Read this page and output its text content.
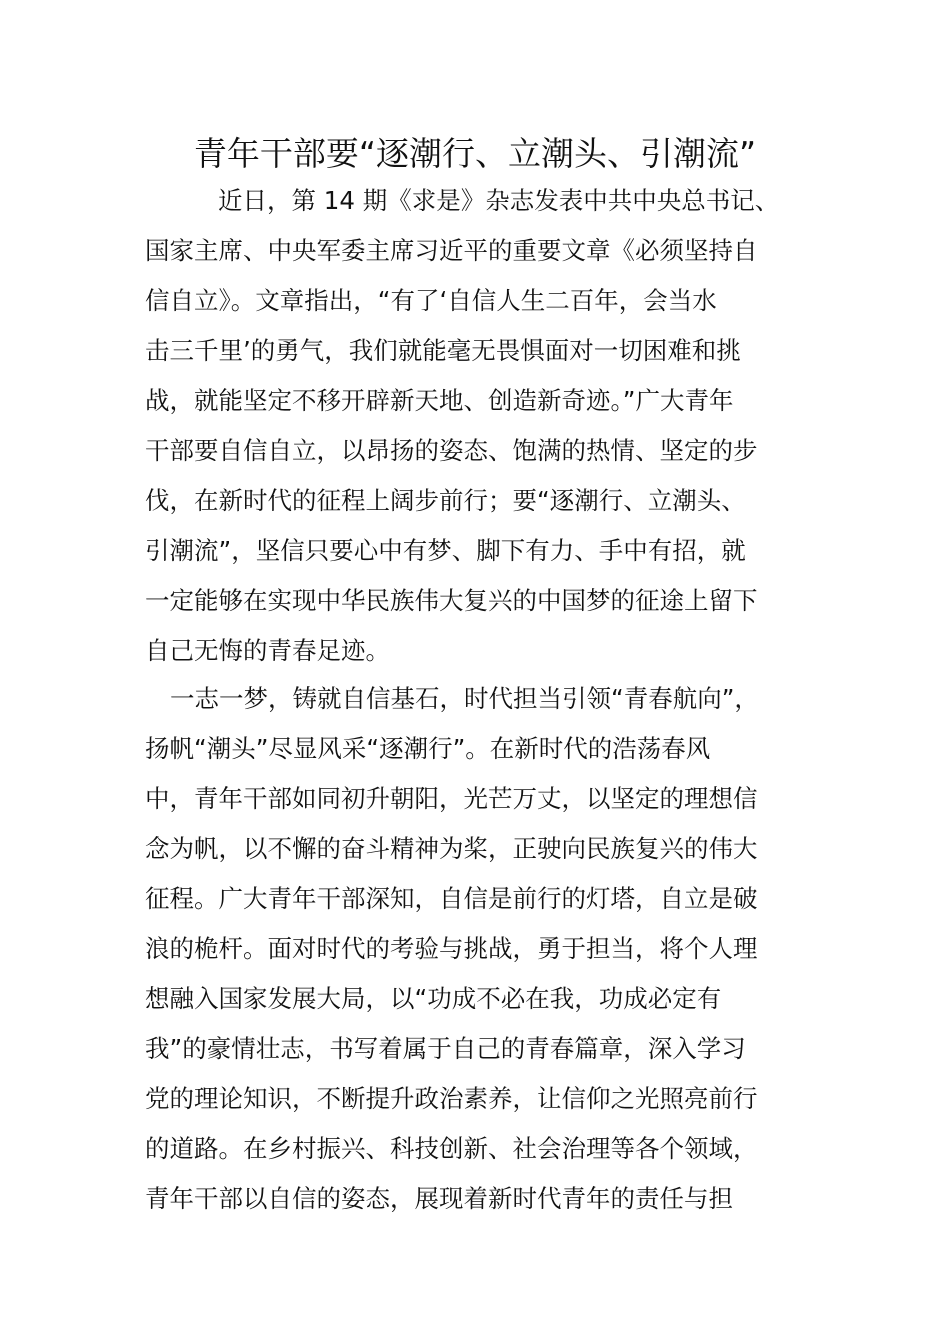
青年干部要“逐潮行、立潮头、引潮流”
近日，第 14 期《求是》杂志发表中共中央总书记、
国家主席、中央军委主席习近平的重要文章《必须坚持自
信自立》。文章指出，“有了‘自信人生二百年，会当水
击三千里’的勇气，我们就能毫无畏惧面对一切困难和挑
战，就能坚定不移开辟新天地、创造新奇迹。”广大青年
干部要自信自立，以昂扬的姿态、饱满的热情、坚定的步
伐，在新时代的征程上阔步前行；要“逐潮行、立潮头、
引潮流”，坚信只要心中有梦、脚下有力、手中有招，就
一定能够在实现中华民族伟大复兴的中国梦的征途上留下
自己无悔的青春足迹。
一志一梦，铸就自信基石，时代担当引领“青春航向”，
扬帆“潮头”尽显风采“逐潮行”。在新时代的浩荡春风
中，青年干部如同初升朝阳，光芒万丈，以坚定的理想信
念为帆，以不懈的奋斗精神为桨，正驶向民族复兴的伟大
征程。广大青年干部深知，自信是前行的灯塔，自立是破
浪的桅杆。面对时代的考验与挑战，勇于担当，将个人理
想融入国家发展大局，以“功成不必在我，功成必定有
我”的豪情壮志，书写着属于自己的青春篇章，深入学习
党的理论知识，不断提升政治素养，让信仰之光照亮前行
的道路。在乡村振兴、科技创新、社会治理等各个领域，
青年干部以自信的姿态，展现着新时代青年的责任与担
